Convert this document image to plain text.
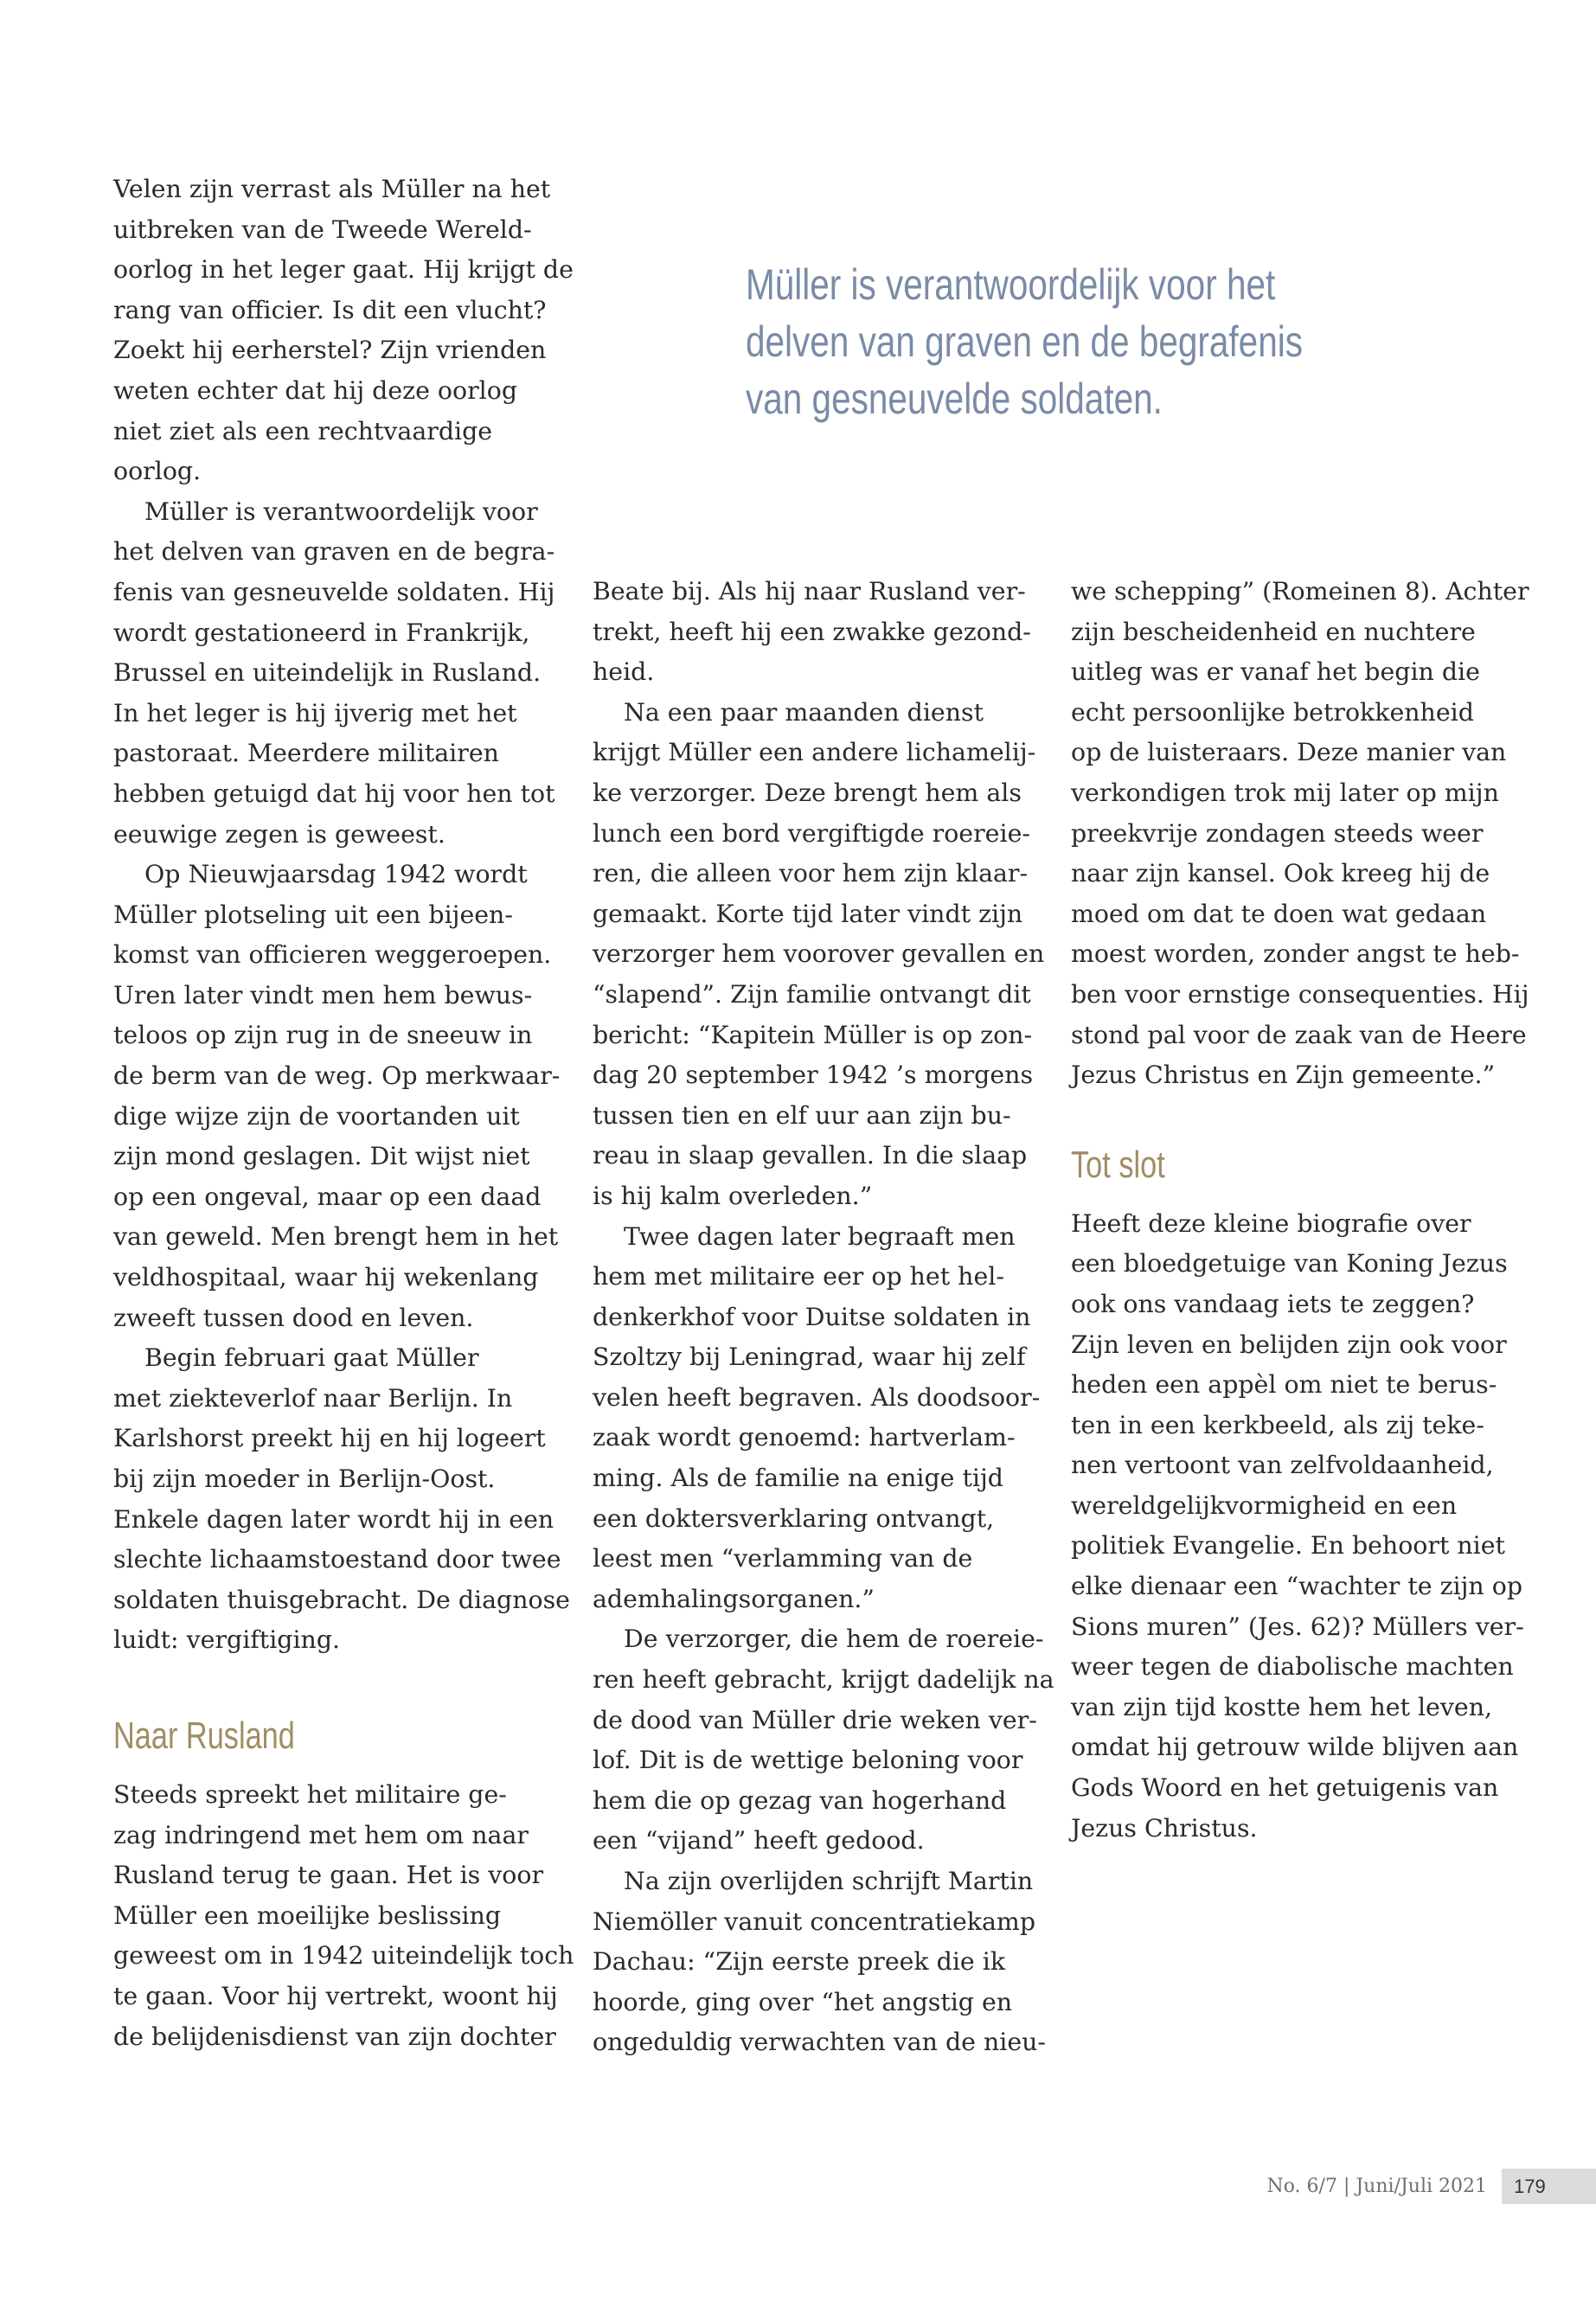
Müller is verantwoordelijk voor het
delven van graven en de begrafenis
van gesneuvelde soldaten.
Velen zijn verrast als Müller na het
uitbreken van de Tweede Wereld-
oorlog in het leger gaat. Hij krijgt de
rang van officier. Is dit een vlucht?
Zoekt hij eerherstel? Zijn vrienden
weten echter dat hij deze oorlog
niet ziet als een rechtvaardige
oorlog.
Müller is verantwoordelijk voor
het delven van graven en de begra-
fenis van gesneuvelde soldaten. Hij
wordt gestationeerd in Frankrijk,
Brussel en uiteindelijk in Rusland.
In het leger is hij ijverig met het
pastoraat. Meerdere militairen
hebben getuigd dat hij voor hen tot
eeuwige zegen is geweest.
Op Nieuwjaarsdag 1942 wordt
Müller plotseling uit een bijeen-
komst van officieren weggeroepen.
Uren later vindt men hem bewus-
teloos op zijn rug in de sneeuw in
de berm van de weg. Op merkwaar-
dige wijze zijn de voortanden uit
zijn mond geslagen. Dit wijst niet
op een ongeval, maar op een daad
van geweld. Men brengt hem in het
veldhospitaal, waar hij wekenlang
zweeft tussen dood en leven.
Begin februari gaat Müller
met ziekteverlof naar Berlijn. In
Karlshorst preekt hij en hij logeert
bij zijn moeder in Berlijn-Oost.
Enkele dagen later wordt hij in een
slechte lichaamstoestand door twee
soldaten thuisgebracht. De diagnose
luidt: vergiftiging.
Naar Rusland
Steeds spreekt het militaire ge-
zag indringend met hem om naar
Rusland terug te gaan. Het is voor
Müller een moeilijke beslissing
geweest om in 1942 uiteindelijk toch
te gaan. Voor hij vertrekt, woont hij
de belijdenisdienst van zijn dochter
Beate bij. Als hij naar Rusland ver-
trekt, heeft hij een zwakke gezond-
heid.
Na een paar maanden dienst
krijgt Müller een andere lichamelij-
ke verzorger. Deze brengt hem als
lunch een bord vergiftigde roereie-
ren, die alleen voor hem zijn klaar-
gemaakt. Korte tijd later vindt zijn
verzorger hem voorover gevallen en
“slapend”. Zijn familie ontvangt dit
bericht: “Kapitein Müller is op zon-
dag 20 september 1942 ’s morgens
tussen tien en elf uur aan zijn bu-
reau in slaap gevallen. In die slaap
is hij kalm overleden.”
Twee dagen later begraaft men
hem met militaire eer op het hel-
denkerkhof voor Duitse soldaten in
Szoltzy bij Leningrad, waar hij zelf
velen heeft begraven. Als doodsoor-
zaak wordt genoemd: hartverlam-
ming. Als de familie na enige tijd
een doktersverklaring ontvangt,
leest men “verlamming van de
ademhalingsorganen.”
De verzorger, die hem de roereie-
ren heeft gebracht, krijgt dadelijk na
de dood van Müller drie weken ver-
lof. Dit is de wettige beloning voor
hem die op gezag van hogerhand
een “vijand” heeft gedood.
Na zijn overlijden schrijft Martin
Niemöller vanuit concentratiekamp
Dachau: “Zijn eerste preek die ik
hoorde, ging over “het angstig en
ongeduldig verwachten van de nieu-
we schepping” (Romeinen 8). Achter
zijn bescheidenheid en nuchtere
uitleg was er vanaf het begin die
echt persoonlijke betrokkenheid
op de luisteraars. Deze manier van
verkondigen trok mij later op mijn
preekvrije zondagen steeds weer
naar zijn kansel. Ook kreeg hij de
moed om dat te doen wat gedaan
moest worden, zonder angst te heb-
ben voor ernstige consequenties. Hij
stond pal voor de zaak van de Heere
Jezus Christus en Zijn gemeente.”
Tot slot
Heeft deze kleine biografie over
een bloedgetuige van Koning Jezus
ook ons vandaag iets te zeggen?
Zijn leven en belijden zijn ook voor
heden een appèl om niet te berus-
ten in een kerkbeeld, als zij teke-
nen vertoont van zelfvoldaanheid,
wereldgelijkvormigheid en een
politiek Evangelie. En behoort niet
elke dienaar een “wachter te zijn op
Sions muren” (Jes. 62)? Müllers ver-
weer tegen de diabolische machten
van zijn tijd kostte hem het leven,
omdat hij getrouw wilde blijven aan
Gods Woord en het getuigenis van
Jezus Christus.
No. 6/7 | Juni/Juli 2021 179
